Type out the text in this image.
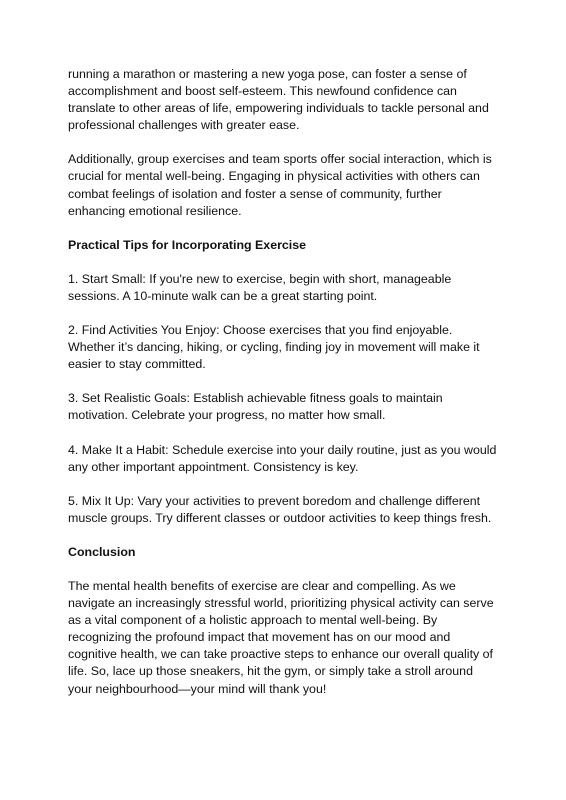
running a marathon or mastering a new yoga pose, can foster a sense of accomplishment and boost self-esteem. This newfound confidence can translate to other areas of life, empowering individuals to tackle personal and professional challenges with greater ease.

Additionally, group exercises and team sports offer social interaction, which is crucial for mental well-being. Engaging in physical activities with others can combat feelings of isolation and foster a sense of community, further enhancing emotional resilience.

Practical Tips for Incorporating Exercise

1. Start Small: If you're new to exercise, begin with short, manageable sessions. A 10-minute walk can be a great starting point.

2. Find Activities You Enjoy: Choose exercises that you find enjoyable. Whether it’s dancing, hiking, or cycling, finding joy in movement will make it easier to stay committed.

3. Set Realistic Goals: Establish achievable fitness goals to maintain motivation. Celebrate your progress, no matter how small.

4. Make It a Habit: Schedule exercise into your daily routine, just as you would any other important appointment. Consistency is key.

5. Mix It Up: Vary your activities to prevent boredom and challenge different muscle groups. Try different classes or outdoor activities to keep things fresh.

Conclusion

The mental health benefits of exercise are clear and compelling. As we navigate an increasingly stressful world, prioritizing physical activity can serve as a vital component of a holistic approach to mental well-being. By recognizing the profound impact that movement has on our mood and cognitive health, we can take proactive steps to enhance our overall quality of life. So, lace up those sneakers, hit the gym, or simply take a stroll around your neighbourhood—your mind will thank you!
